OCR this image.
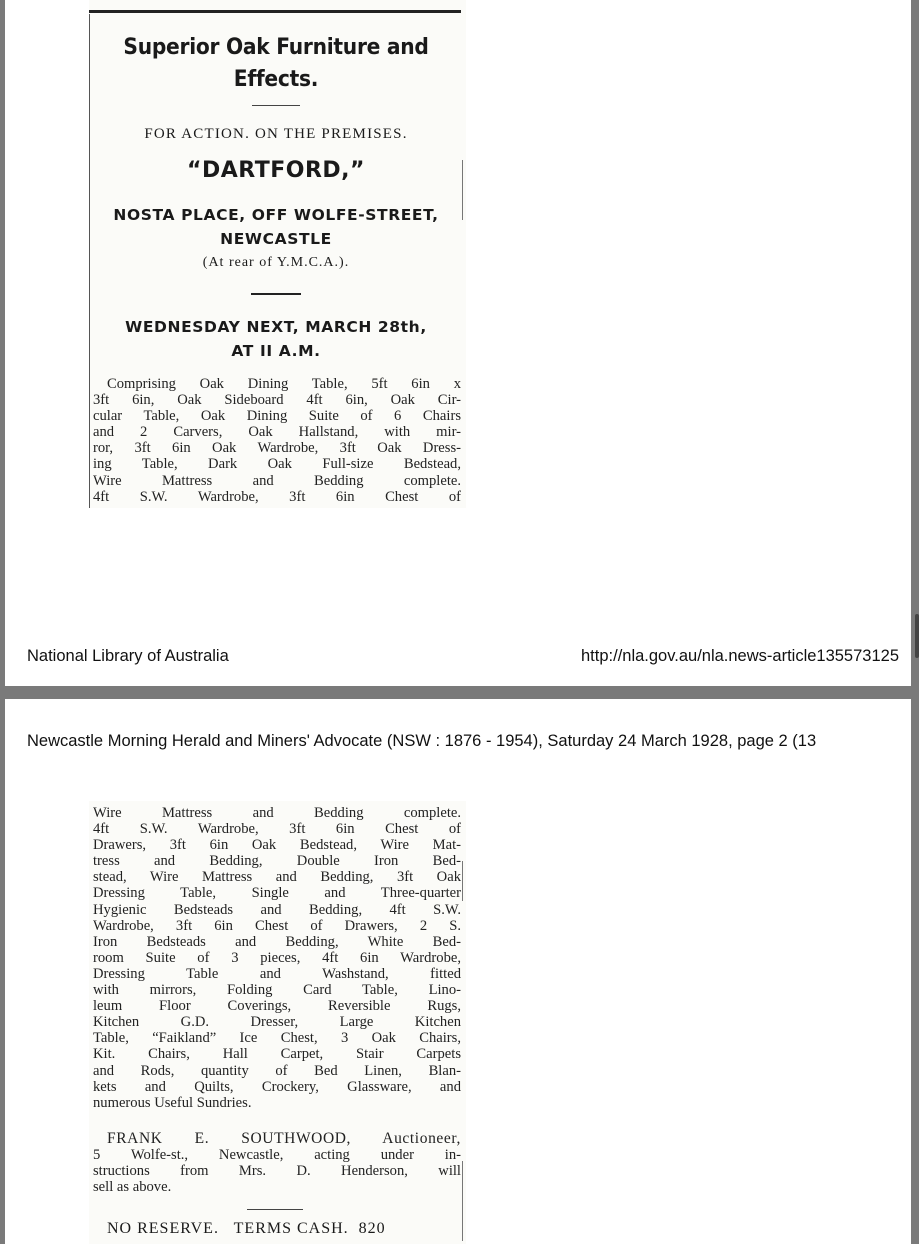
Superior Oak Furniture and
Effects.
FOR ACTION. ON THE PREMISES.
“DARTFORD,”
NOSTA PLACE, OFF WOLFE-STREET,
NEWCASTLE
(At rear of Y.M.C.A.).
WEDNESDAY NEXT, MARCH 28th,
AT II A.M.
Comprising Oak Dining Table, 5ft 6in x
3ft 6in, Oak Sideboard 4ft 6in, Oak Cir-
cular Table, Oak Dining Suite of 6 Chairs
and 2 Carvers, Oak Hallstand, with mir-
ror, 3ft 6in Oak Wardrobe, 3ft Oak Dress-
ing Table, Dark Oak Full-size Bedstead,
Wire Mattress and Bedding complete.
4ft S.W. Wardrobe, 3ft 6in Chest of
National Library of Australia	http://nla.gov.au/nla.news-article135573125
Newcastle Morning Herald and Miners' Advocate (NSW : 1876 - 1954), Saturday 24 March 1928, page 2 (13
Wire Mattress and Bedding complete.
4ft S.W. Wardrobe, 3ft 6in Chest of
Drawers, 3ft 6in Oak Bedstead, Wire Mat-
tress and Bedding, Double Iron Bed-
stead, Wire Mattress and Bedding, 3ft Oak
Dressing Table, Single and Three-quarter
Hygienic Bedsteads and Bedding, 4ft S.W.
Wardrobe, 3ft 6in Chest of Drawers, 2 S.
Iron Bedsteads and Bedding, White Bed-
room Suite of 3 pieces, 4ft 6in Wardrobe,
Dressing Table and Washstand, fitted
with mirrors, Folding Card Table, Lino-
leum Floor Coverings, Reversible Rugs,
Kitchen G.D. Dresser, Large Kitchen
Table, “Faikland” Ice Chest, 3 Oak Chairs,
Kit. Chairs, Hall Carpet, Stair Carpets
and Rods, quantity of Bed Linen, Blan-
kets and Quilts, Crockery, Glassware, and
numerous Useful Sundries.
FRANK E. SOUTHWOOD, Auctioneer,
5 Wolfe-st., Newcastle, acting under in-
structions from Mrs. D. Henderson, will
sell as above.
NO RESERVE.   TERMS CASH.  820
